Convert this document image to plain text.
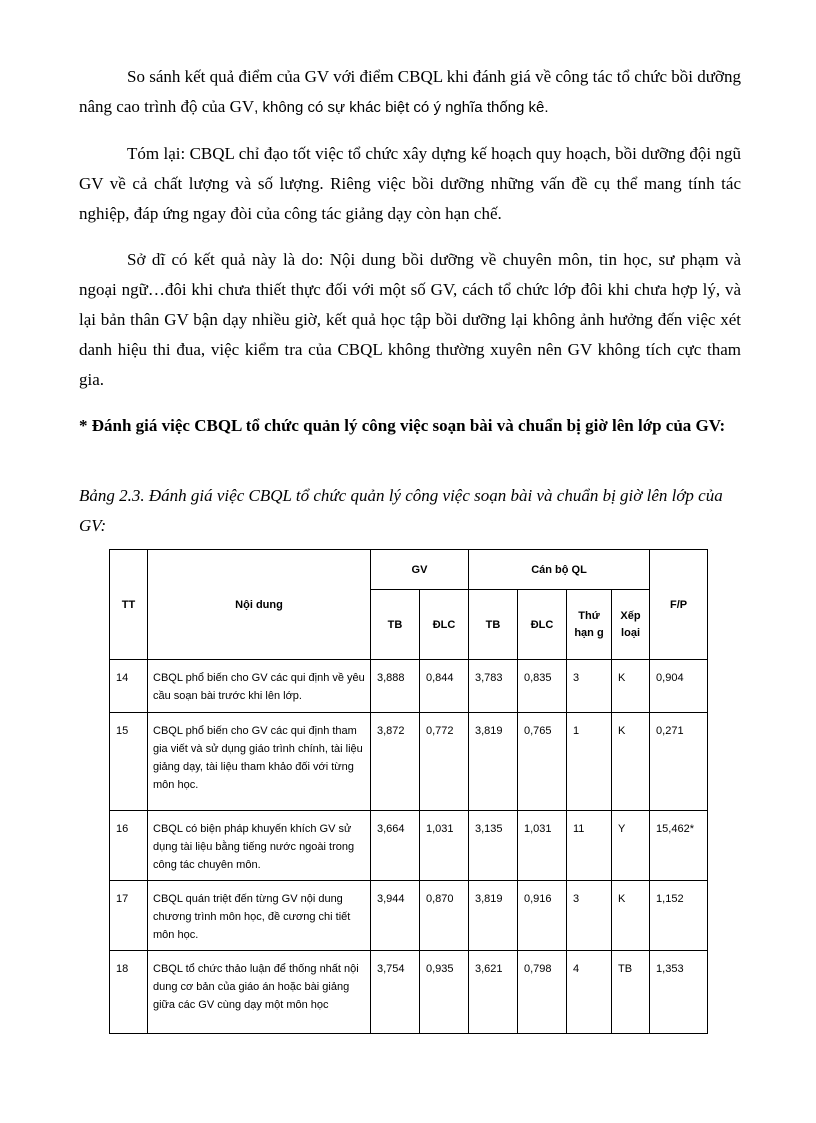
So sánh kết quả điểm của GV với điểm CBQL khi đánh giá về công tác tổ chức bồi dưỡng nâng cao trình độ của GV, không có sự khác biệt có ý nghĩa thống kê.

Tóm lại: CBQL chỉ đạo tốt việc tổ chức xây dựng kế hoạch quy hoạch, bồi dưỡng đội ngũ GV về cả chất lượng và số lượng. Riêng việc bồi dưỡng những vấn đề cụ thể mang tính tác nghiệp, đáp ứng ngay đòi của công tác giảng dạy còn hạn chế.

Sở dĩ có kết quả này là do: Nội dung bồi dưỡng về chuyên môn, tin học, sư phạm và ngoại ngữ…đôi khi chưa thiết thực đối với một số GV, cách tổ chức lớp đôi khi chưa hợp lý, và lại bản thân GV bận dạy nhiều giờ, kết quả học tập bồi dưỡng lại không ảnh hưởng đến việc xét danh hiệu thi đua, việc kiểm tra của CBQL không thường xuyên nên GV không tích cực tham gia.

* Đánh giá việc CBQL tổ chức quản lý công việc soạn bài và chuẩn bị giờ lên lớp của GV:

Bảng 2.3. Đánh giá việc CBQL tổ chức quản lý công việc soạn bài và chuẩn bị giờ lên lớp của GV:

TT	Nội dung	GV		Cán bộ QL				F/P
		TB	ĐLC	TB	ĐLC	Thứ hạn g	Xếp loại	
14	CBQL phổ biến cho GV các qui định về yêu cầu soạn bài trước khi lên lớp.	3,888	0,844	3,783	0,835	3	K	0,904
15	CBQL phổ biến cho GV các qui định tham gia viết và sử dụng giáo trình chính, tài liệu giảng dạy, tài liệu tham khảo đối với từng môn học.	3,872	0,772	3,819	0,765	1	K	0,271
16	CBQL có biện pháp khuyến khích GV sử dụng tài liệu bằng tiếng nước ngoài trong công tác chuyên môn.	3,664	1,031	3,135	1,031	11	Y	15,462*
17	CBQL quán triệt đến từng GV nội dung chương trình môn học, đề cương chi tiết môn học.	3,944	0,870	3,819	0,916	3	K	1,152
18	CBQL tổ chức thảo luận để thống nhất nội dung cơ bản của giáo án hoặc bài giảng giữa các GV cùng dạy một môn học	3,754	0,935	3,621	0,798	4	TB	1,353
